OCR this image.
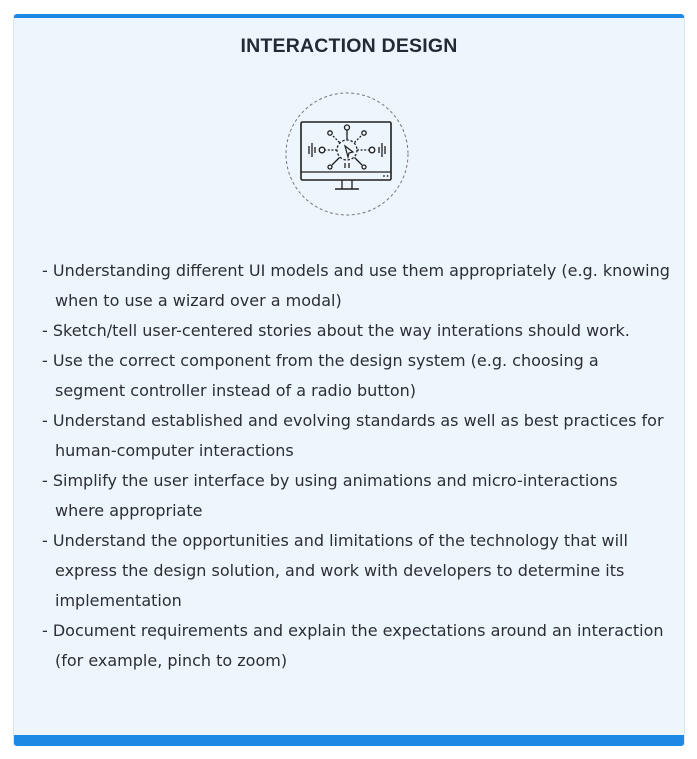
INTERACTION DESIGN
- Understanding different UI models and use them appropriately (e.g. knowing when to use a wizard over a modal)
- Sketch/tell user-centered stories about the way interations should work.
- Use the correct component from the design system (e.g. choosing a segment controller instead of a radio button)
- Understand established and evolving standards as well as best practices for human-computer interactions
- Simplify the user interface by using animations and micro-interactions where appropriate
- Understand the opportunities and limitations of the technology that will express the design solution, and work with developers to determine its implementation
- Document requirements and explain the expectations around an interaction (for example, pinch to zoom)
